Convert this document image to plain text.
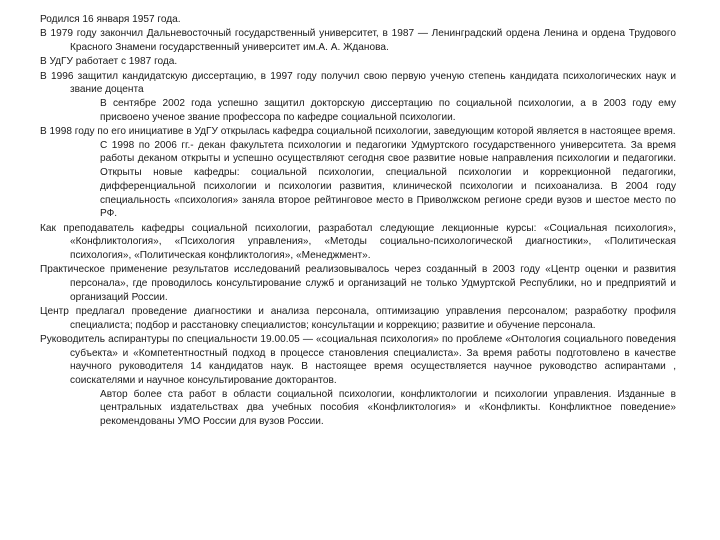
Родился 16 января 1957 года.

В 1979 году закончил Дальневосточный государственный университет, в 1987 — Ленинградский ордена Ленина и ордена Трудового Красного Знамени государственный университет им.А. А. Жданова.

В УдГУ работает с 1987 года.

В 1996 защитил кандидатскую диссертацию, в 1997 году получил свою первую ученую степень кандидата психологических наук и звание доцента
В сентябре 2002 года успешно защитил докторскую диссертацию по социальной психологии, а в 2003 году ему присвоено ученое звание профессора по кафедре социальной психологии.

В 1998 году по его инициативе в УдГУ открылась кафедра социальной психологии, заведующим которой является в настоящее время.
С 1998 по 2006 гг.- декан факультета психологии и педагогики Удмуртского государственного университета. За время работы деканом открыты и успешно осуществляют сегодня свое развитие новые направления психологии и педагогики. Открыты новые кафедры: социальной психологии, специальной психологии и коррекционной педагогики, дифференциальной психологии и психологии развития, клинической психологии и психоанализа. В 2004 году специальность «психология» заняла второе рейтинговое место в Приволжском регионе среди вузов и шестое место по РФ.

Как преподаватель кафедры социальной психологии, разработал следующие лекционные курсы: «Социальная психология», «Конфликтология», «Психология управления», «Методы социально-психологической диагностики», «Политическая психология», «Политическая конфликтология», «Менеджмент».

Практическое применение результатов исследований реализовывалось через созданный в 2003 году «Центр оценки и развития персонала», где проводилось консультирование служб и организаций не только Удмуртской Республики, но и предприятий и организаций России.

Центр предлагал проведение диагностики и анализа персонала, оптимизацию управления персоналом; разработку профиля специалиста; подбор и расстановку специалистов; консультации и коррекцию; развитие и обучение персонала.

Руководитель аспирантуры по специальности 19.00.05 — «социальная психология» по проблеме «Онтология социального поведения субъекта» и «Компетентностный подход в процессе становления специалиста». За время работы подготовлено в качестве научного руководителя 14 кандидатов наук. В настоящее время осуществляется научное руководство аспирантами , соискателями и научное консультирование докторантов.
Автор более ста работ в области социальной психологии, конфликтологии и психологии управления. Изданные в центральных издательствах два учебных пособия «Конфликтология» и «Конфликты. Конфликтное поведение» рекомендованы УМО России для вузов России.
